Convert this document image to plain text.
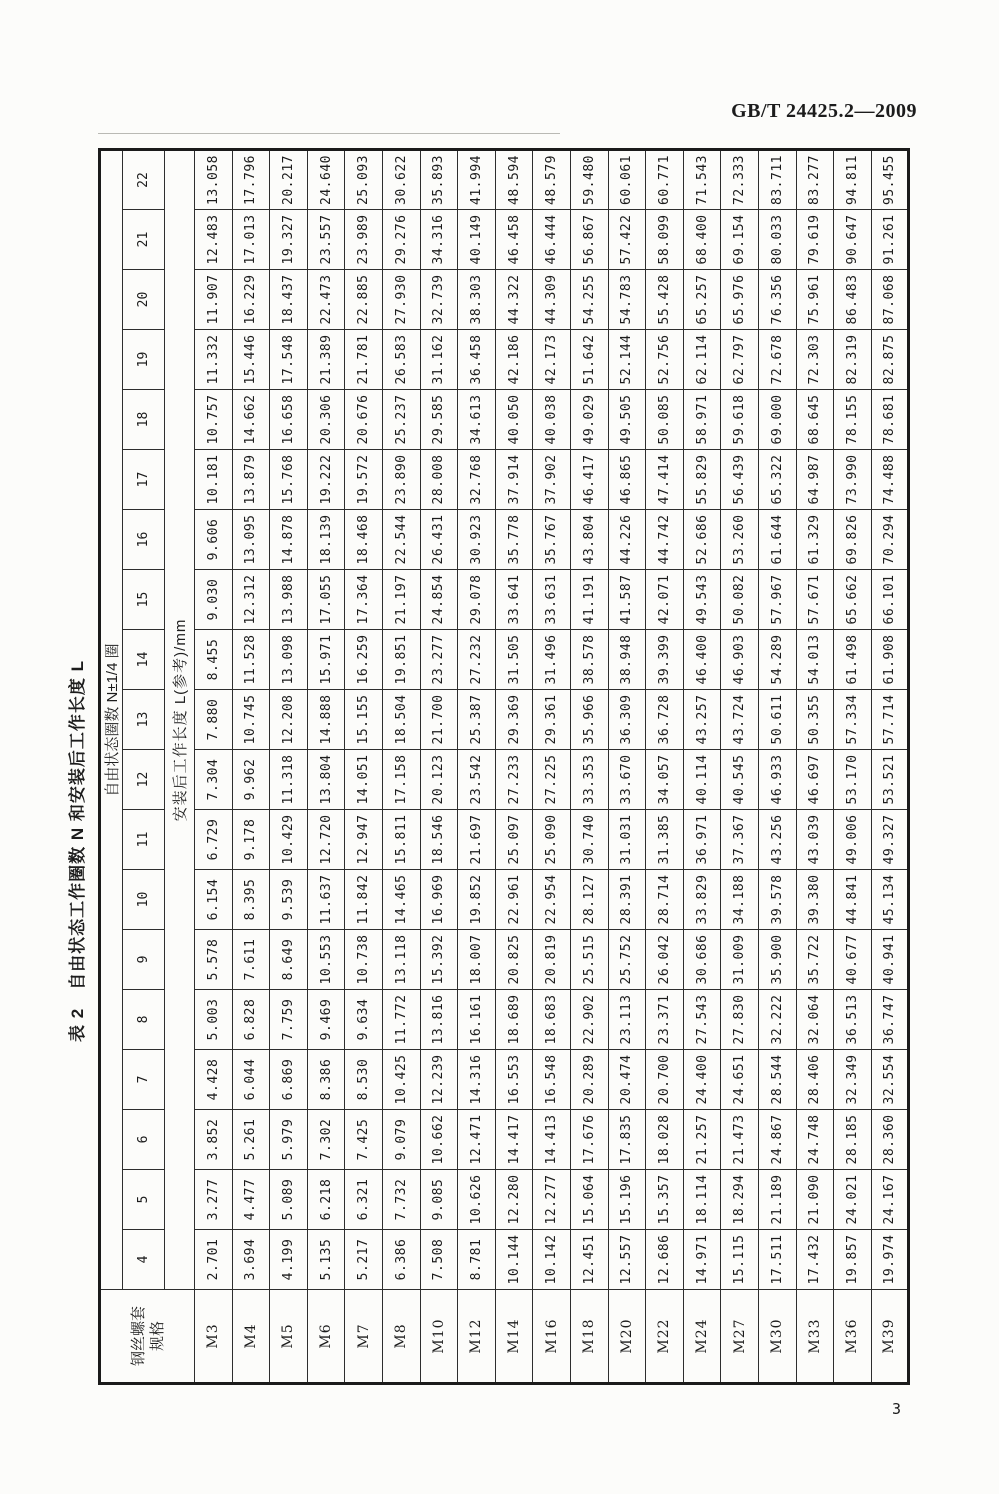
GB/T 24425.2—2009
表 2　自由状态工作圈数 N 和安装后工作长度 L
钢丝螺套 规格	自由状态圈数 N±1/4 圈																		
	4	5	6	7	8	9	10	11	12	13	14	15	16	17	18	19	20	21	22
	安装后工作长度 L(参考)/mm																		
M3	2.701	3.277	3.852	4.428	5.003	5.578	6.154	6.729	7.304	7.880	8.455	9.030	9.606	10.181	10.757	11.332	11.907	12.483	13.058
M4	3.694	4.477	5.261	6.044	6.828	7.611	8.395	9.178	9.962	10.745	11.528	12.312	13.095	13.879	14.662	15.446	16.229	17.013	17.796
M5	4.199	5.089	5.979	6.869	7.759	8.649	9.539	10.429	11.318	12.208	13.098	13.988	14.878	15.768	16.658	17.548	18.437	19.327	20.217
M6	5.135	6.218	7.302	8.386	9.469	10.553	11.637	12.720	13.804	14.888	15.971	17.055	18.139	19.222	20.306	21.389	22.473	23.557	24.640
M7	5.217	6.321	7.425	8.530	9.634	10.738	11.842	12.947	14.051	15.155	16.259	17.364	18.468	19.572	20.676	21.781	22.885	23.989	25.093
M8	6.386	7.732	9.079	10.425	11.772	13.118	14.465	15.811	17.158	18.504	19.851	21.197	22.544	23.890	25.237	26.583	27.930	29.276	30.622
M10	7.508	9.085	10.662	12.239	13.816	15.392	16.969	18.546	20.123	21.700	23.277	24.854	26.431	28.008	29.585	31.162	32.739	34.316	35.893
M12	8.781	10.626	12.471	14.316	16.161	18.007	19.852	21.697	23.542	25.387	27.232	29.078	30.923	32.768	34.613	36.458	38.303	40.149	41.994
M14	10.144	12.280	14.417	16.553	18.689	20.825	22.961	25.097	27.233	29.369	31.505	33.641	35.778	37.914	40.050	42.186	44.322	46.458	48.594
M16	10.142	12.277	14.413	16.548	18.683	20.819	22.954	25.090	27.225	29.361	31.496	33.631	35.767	37.902	40.038	42.173	44.309	46.444	48.579
M18	12.451	15.064	17.676	20.289	22.902	25.515	28.127	30.740	33.353	35.966	38.578	41.191	43.804	46.417	49.029	51.642	54.255	56.867	59.480
M20	12.557	15.196	17.835	20.474	23.113	25.752	28.391	31.031	33.670	36.309	38.948	41.587	44.226	46.865	49.505	52.144	54.783	57.422	60.061
M22	12.686	15.357	18.028	20.700	23.371	26.042	28.714	31.385	34.057	36.728	39.399	42.071	44.742	47.414	50.085	52.756	55.428	58.099	60.771
M24	14.971	18.114	21.257	24.400	27.543	30.686	33.829	36.971	40.114	43.257	46.400	49.543	52.686	55.829	58.971	62.114	65.257	68.400	71.543
M27	15.115	18.294	21.473	24.651	27.830	31.009	34.188	37.367	40.545	43.724	46.903	50.082	53.260	56.439	59.618	62.797	65.976	69.154	72.333
M30	17.511	21.189	24.867	28.544	32.222	35.900	39.578	43.256	46.933	50.611	54.289	57.967	61.644	65.322	69.000	72.678	76.356	80.033	83.711
M33	17.432	21.090	24.748	28.406	32.064	35.722	39.380	43.039	46.697	50.355	54.013	57.671	61.329	64.987	68.645	72.303	75.961	79.619	83.277
M36	19.857	24.021	28.185	32.349	36.513	40.677	44.841	49.006	53.170	57.334	61.498	65.662	69.826	73.990	78.155	82.319	86.483	90.647	94.811
M39	19.974	24.167	28.360	32.554	36.747	40.941	45.134	49.327	53.521	57.714	61.908	66.101	70.294	74.488	78.681	82.875	87.068	91.261	95.455
3
